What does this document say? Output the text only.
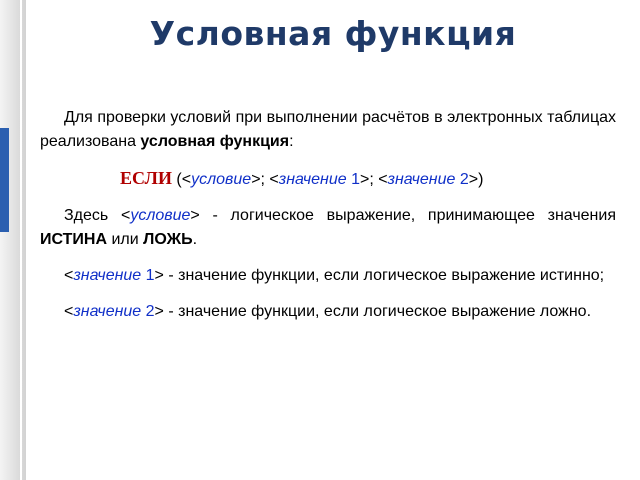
Условная функция

Для проверки условий при выполнении расчётов в электронных таблицах реализована условная функция:

ЕСЛИ (<условие>; <значение 1>; <значение 2>)

Здесь <условие> - логическое выражение, принимающее значения ИСТИНА или ЛОЖЬ.

<значение 1> - значение функции, если логическое выражение истинно;

<значение 2> - значение функции, если логическое выражение ложно.
